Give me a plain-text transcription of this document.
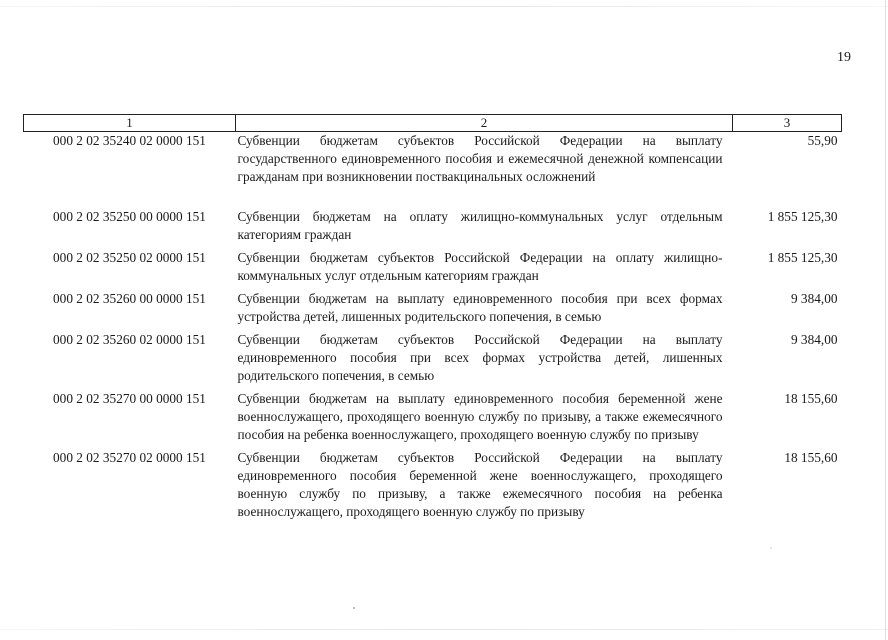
19
1	2	3
000 2 02 35240 02 0000 151	Субвенции бюджетам субъектов Российской Федерации на выплату государственного единовременного пособия и ежемесячной денежной компенсации гражданам при возникновении поствакцинальных осложнений	55,90
000 2 02 35250 00 0000 151	Субвенции бюджетам на оплату жилищно-коммунальных услуг отдельным категориям граждан	1 855 125,30
000 2 02 35250 02 0000 151	Субвенции бюджетам субъектов Российской Федерации на оплату жилищно-коммунальных услуг отдельным категориям граждан	1 855 125,30
000 2 02 35260 00 0000 151	Субвенции бюджетам на выплату единовременного пособия при всех формах устройства детей, лишенных родительского попечения, в семью	9 384,00
000 2 02 35260 02 0000 151	Субвенции бюджетам субъектов Российской Федерации на выплату единовременного пособия при всех формах устройства детей, лишенных родительского попечения, в семью	9 384,00
000 2 02 35270 00 0000 151	Субвенции бюджетам на выплату единовременного пособия беременной жене военнослужащего, проходящего военную службу по призыву, а также ежемесячного пособия на ребенка военнослужащего, проходящего военную службу по призыву	18 155,60
000 2 02 35270 02 0000 151	Субвенции бюджетам субъектов Российской Федерации на выплату единовременного пособия беременной жене военнослужащего, проходящего военную службу по призыву, а также ежемесячного пособия на ребенка военнослужащего, проходящего военную службу по призыву	18 155,60
